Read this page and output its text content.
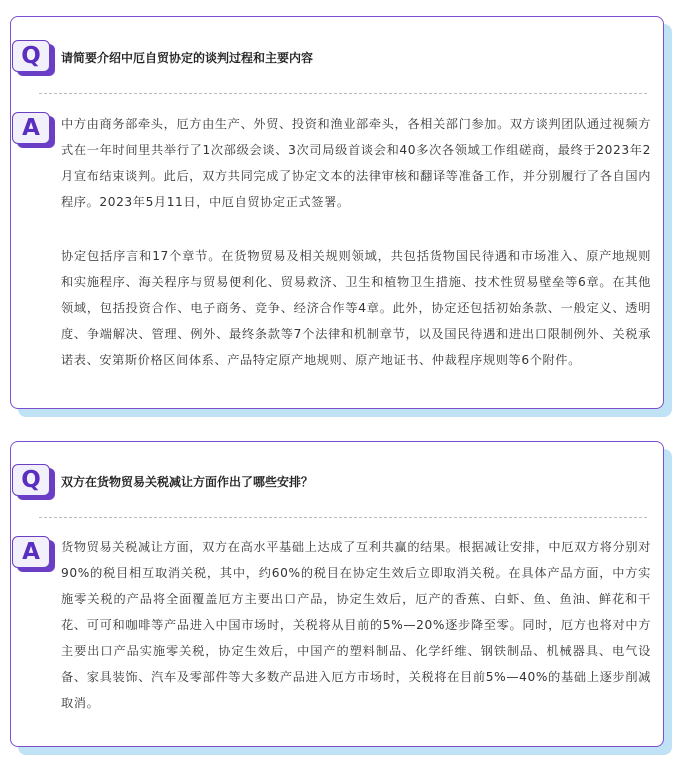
Q	请简要介绍中厄自贸协定的谈判过程和主要内容
A	中方由商务部牵头，厄方由生产、外贸、投资和渔业部牵头，各相关部门参加。双方谈判团队通过视频方式在一年时间里共举行了1次部级会谈、3次司局级首谈会和40多次各领域工作组磋商，最终于2023年2月宣布结束谈判。此后，双方共同完成了协定文本的法律审核和翻译等准备工作，并分别履行了各自国内程序。2023年5月11日，中厄自贸协定正式签署。

协定包括序言和17个章节。在货物贸易及相关规则领域，共包括货物国民待遇和市场准入、原产地规则和实施程序、海关程序与贸易便利化、贸易救济、卫生和植物卫生措施、技术性贸易壁垒等6章。在其他领域，包括投资合作、电子商务、竞争、经济合作等4章。此外，协定还包括初始条款、一般定义、透明度、争端解决、管理、例外、最终条款等7个法律和机制章节，以及国民待遇和进出口限制例外、关税承诺表、安第斯价格区间体系、产品特定原产地规则、原产地证书、仲裁程序规则等6个附件。

Q	双方在货物贸易关税减让方面作出了哪些安排？
A	货物贸易关税减让方面，双方在高水平基础上达成了互利共赢的结果。根据减让安排，中厄双方将分别对90%的税目相互取消关税，其中，约60%的税目在协定生效后立即取消关税。在具体产品方面，中方实施零关税的产品将全面覆盖厄方主要出口产品，协定生效后，厄产的香蕉、白虾、鱼、鱼油、鲜花和干花、可可和咖啡等产品进入中国市场时，关税将从目前的5%—20%逐步降至零。同时，厄方也将对中方主要出口产品实施零关税，协定生效后，中国产的塑料制品、化学纤维、钢铁制品、机械器具、电气设备、家具装饰、汽车及零部件等大多数产品进入厄方市场时，关税将在目前5%—40%的基础上逐步削减取消。
